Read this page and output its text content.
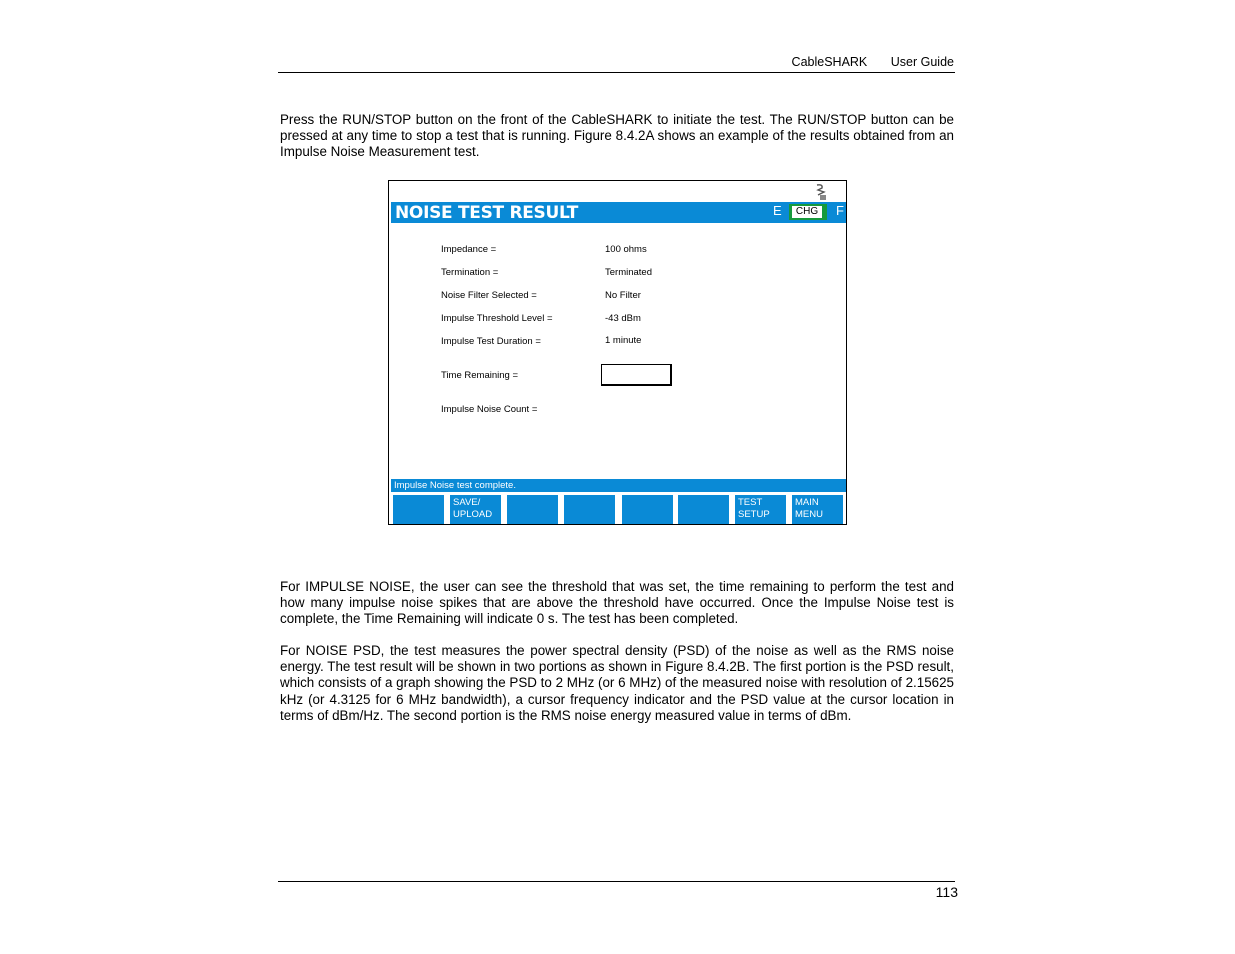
CableSHARK User Guide

Press the RUN/STOP button on the front of the CableSHARK to initiate the test. The RUN/STOP button can be pressed at any time to stop a test that is running. Figure 8.4.2A shows an example of the results obtained from an Impulse Noise Measurement test.

NOISE TEST RESULT	E	CHG F
Impedance =	100 ohms
Termination =	Terminated
Noise Filter Selected =	No Filter
Impulse Threshold Level =	-43 dBm
Impulse Test Duration =	1 minute
Time Remaining =
Impulse Noise Count =
Impulse Noise test complete.
SAVE/
UPLOAD
TEST
SETUP
MAIN
MENU

For IMPULSE NOISE, the user can see the threshold that was set, the time remaining to perform the test and how many impulse noise spikes that are above the threshold have occurred. Once the Impulse Noise test is complete, the Time Remaining will indicate 0 s. The test has been completed.

For NOISE PSD, the test measures the power spectral density (PSD) of the noise as well as the RMS noise energy. The test result will be shown in two portions as shown in Figure 8.4.2B. The first portion is the PSD result, which consists of a graph showing the PSD to 2 MHz (or 6 MHz) of the measured noise with resolution of 2.15625 kHz (or 4.3125 for 6 MHz bandwidth), a cursor frequency indicator and the PSD value at the cursor location in terms of dBm/Hz. The second portion is the RMS noise energy measured value in terms of dBm.

113
